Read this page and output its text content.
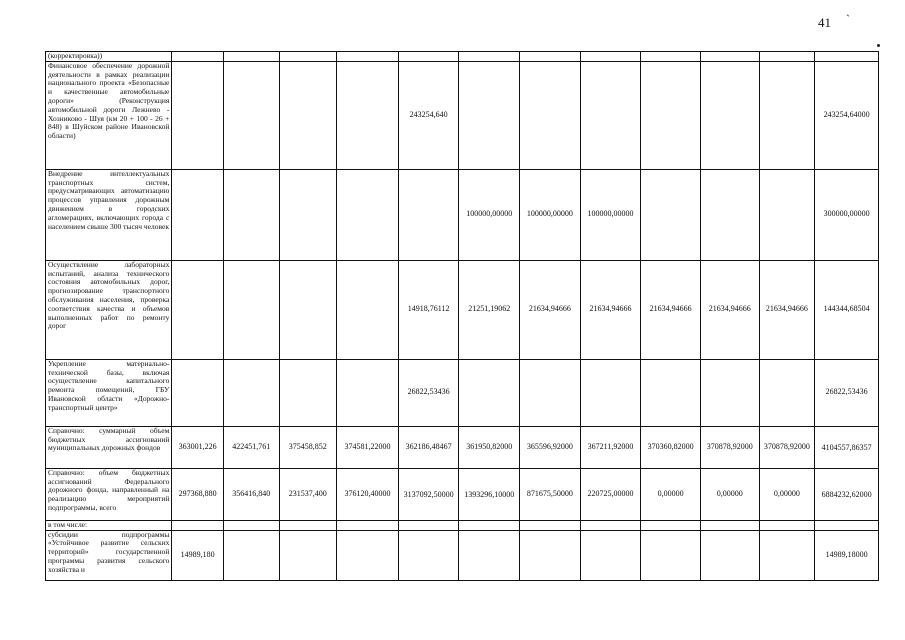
41 `
(корректировка))												
Финансовое обеспечение дорожной деятельности в рамках реализации национального проекта «Безопасные и качественные автомобильные дороги» (Реконструкция автомобильной дороги Лежнево - Хозниково - Шуя (км 20 + 100 - 26 + 848) в Шуйском районе Ивановской области)					243254,640							243254,64000
Внедрение интеллектуальных транспортных систем, предусматривающих автоматизацию процессов управления дорожным движением в городских агломерациях, включающих города с населением свыше 300 тысяч человек						100000,00000	100000,00000	100000,00000				300000,00000
Осуществление лабораторных испытаний, анализа технического состояния автомобильных дорог, прогнозирование транспортного обслуживания населения, проверка соответствия качества и объемов выполненных работ по ремонту дорог					14918,76112	21251,19062	21634,94666	21634,94666	21634,94666	21634,94666	21634,94666	144344,68504
Укрепление материально-технической базы, включая осуществление капитального ремонта помещений, ГБУ Ивановской области «Дорожно-транспортный центр»					26822,53436							26822,53436
Справочно: суммарный объем бюджетных ассигнований муниципальных дорожных фондов	363001,226	422451,761	375458,852	374581,22000	362186,48467	361950,82000	365596,92000	367211,92000	370360,82000	370878,92000	370878,92000	4104557,86357
Справочно: объем бюджетных ассигнований Федерального дорожного фонда, направленный на реализацию мероприятий подпрограммы, всего	297368,880	356416,840	231537,400	376120,40000	3137092,50000	1393296,10000	871675,50000	220725,00000	0,00000	0,00000	0,00000	6884232,62000
в том числе:												
субсидии подпрограммы «Устойчивое развитие сельских территорий» государственной программы развития сельского хозяйства и	14989,180											14989,18000
